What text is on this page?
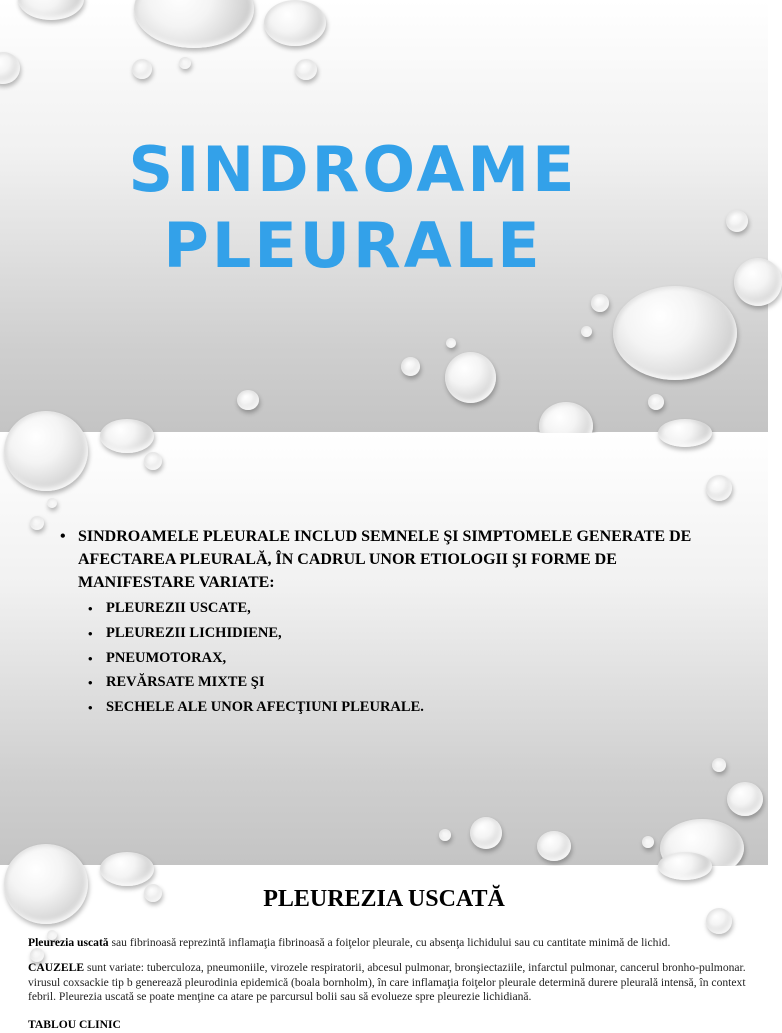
SINDROAME
PLEURALE
• SINDROAMELE PLEURALE INCLUD SEMNELE ŞI SIMPTOMELE GENERATE DE AFECTAREA PLEURALĂ, ÎN CADRUL UNOR ETIOLOGII ŞI FORME DE MANIFESTARE VARIATE:
• PLEUREZII USCATE,
• PLEUREZII LICHIDIENE,
• PNEUMOTORAX,
• REVĂRSATE MIXTE ŞI
• SECHELE ALE UNOR AFECŢIUNI PLEURALE.
PLEUREZIA USCATĂ

Pleurezia uscată sau fibrinoasă reprezintă inflamaţia fibrinoasă a foiţelor pleurale, cu absenţa lichidului sau cu cantitate minimă de lichid.

CAUZELE sunt variate: tuberculoza, pneumoniile, virozele respiratorii, abcesul pulmonar, bronşiectaziile, infarctul pulmonar, cancerul bronho-pulmonar. virusul coxsackie tip b generează pleurodinia epidemică (boala bornholm), în care inflamaţia foiţelor pleurale determină durere pleurală intensă, în context febril. Pleurezia uscată se poate menţine ca atare pe parcursul bolii sau să evolueze spre pleurezie lichidiană.

TABLOU CLINIC
